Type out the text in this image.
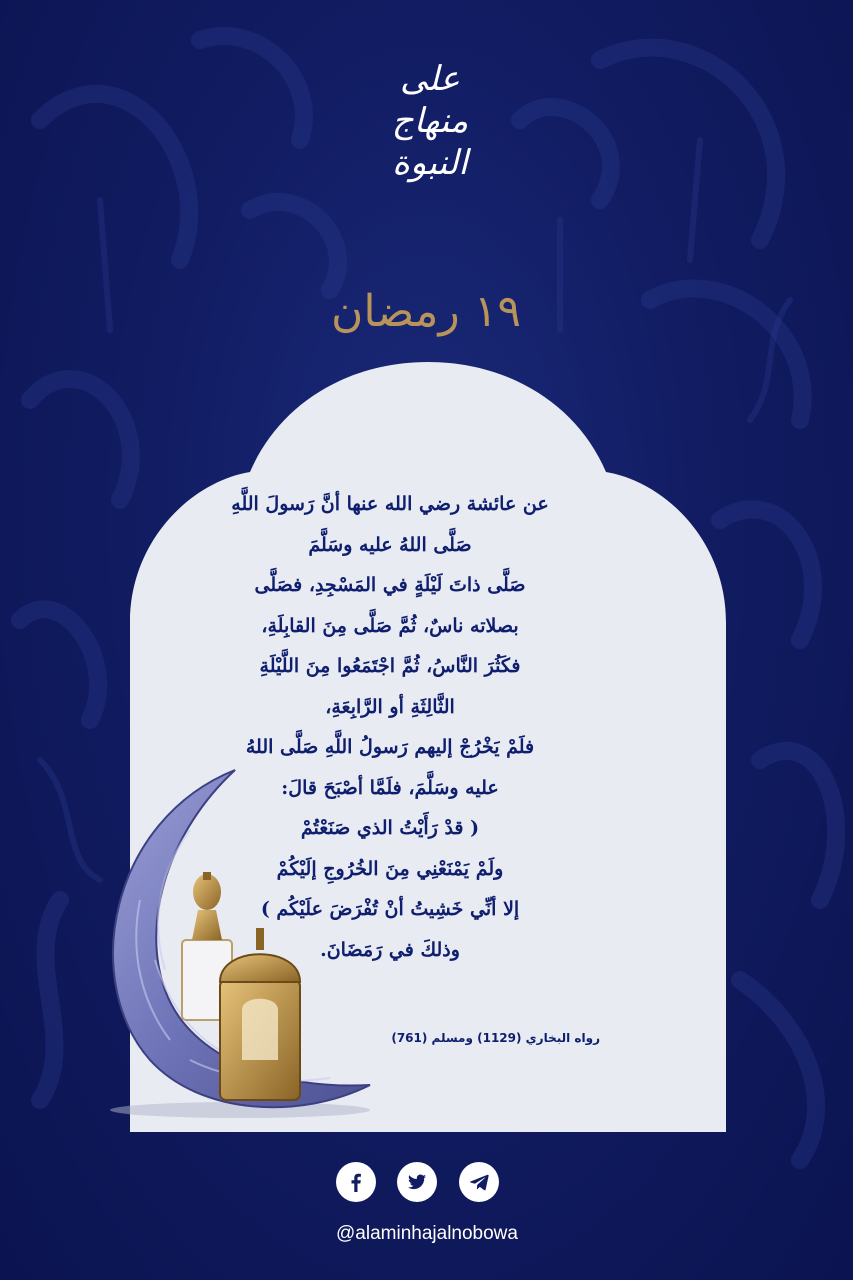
على
منهاج
النبوة
١٩ رمضان
عن عائشة رضي الله عنها أنَّ رَسولَ اللَّهِ
صَلَّى اللهُ عليه وسَلَّمَ
صَلَّى ذاتَ لَيْلَةٍ في المَسْجِدِ، فصَلَّى
بصلاته ناسٌ، ثُمَّ صَلَّى مِنَ القابِلَةِ،
فكَثُرَ النَّاسُ، ثُمَّ اجْتَمَعُوا مِنَ اللَّيْلَةِ
الثَّالِثَةِ أو الرَّابِعَةِ،
فلَمْ يَخْرُجْ إليهم رَسولُ اللَّهِ صَلَّى اللهُ
عليه وسَلَّمَ، فلَمَّا أصْبَحَ قالَ:
( قدْ رَأَيْتُ الذي صَنَعْتُمْ
ولَمْ يَمْنَعْنِي مِنَ الخُرُوجِ إلَيْكُمْ
إلا أنِّي خَشِيتُ أنْ تُفْرَضَ علَيْكُم )
وذلكَ في رَمَضَانَ.
رواه البخاري (1129) ومسلم (761)
@alaminhajalnobowa
